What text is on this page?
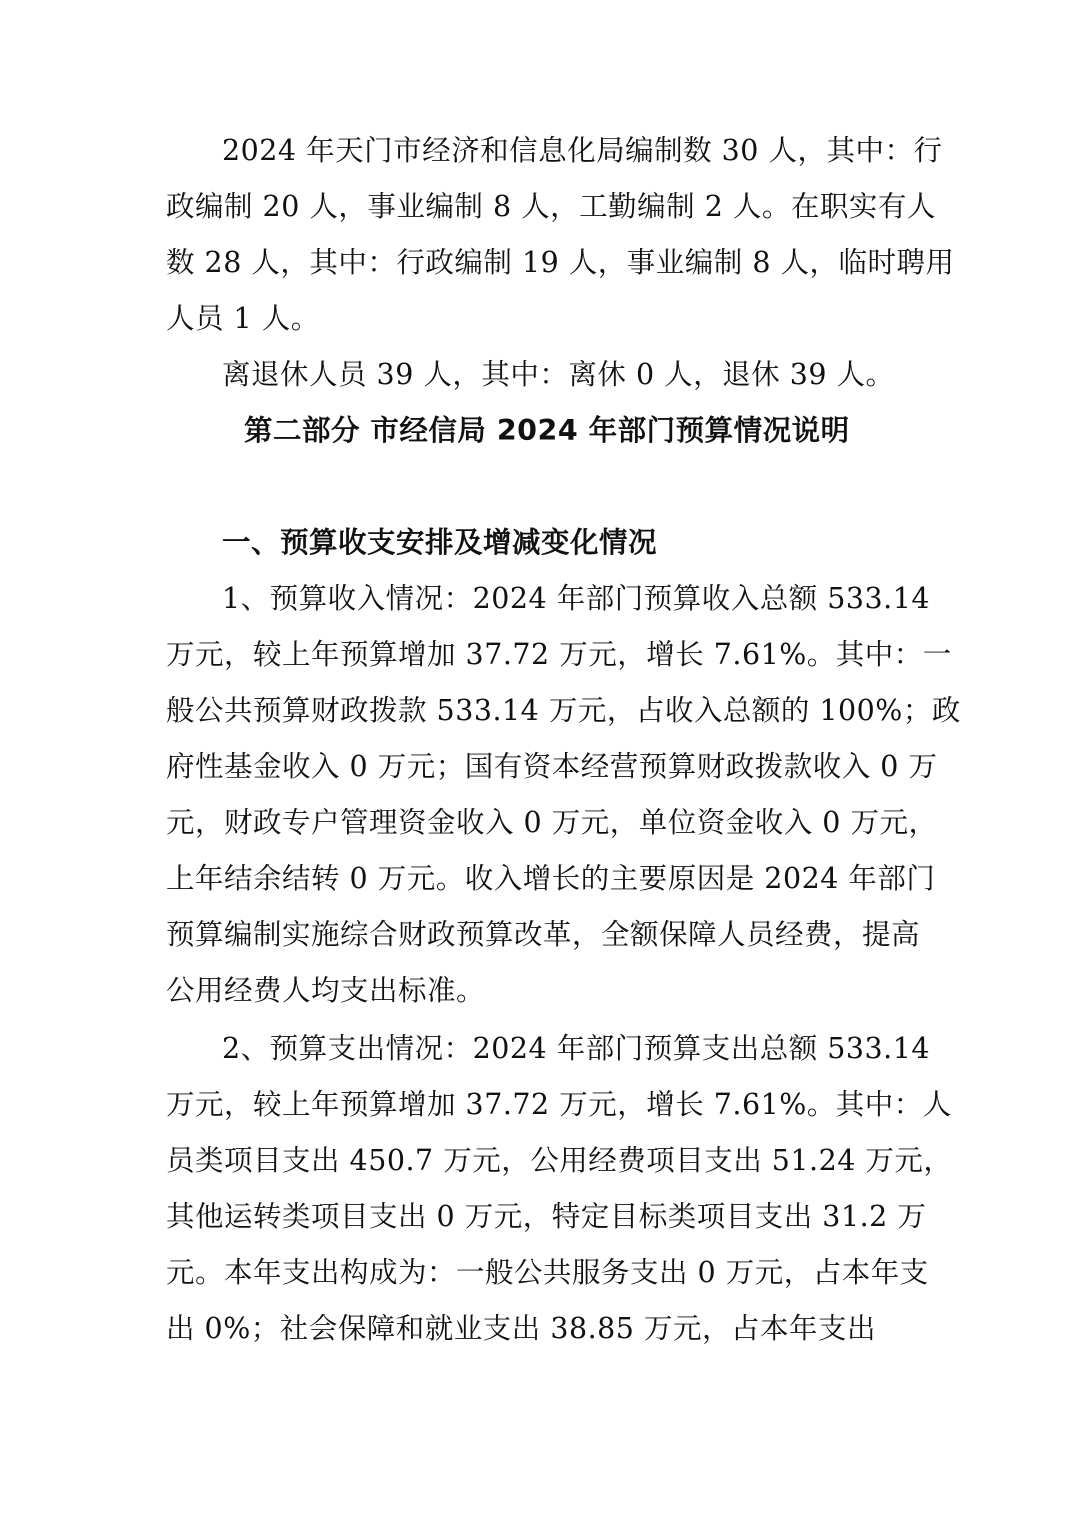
2024 年天门市经济和信息化局编制数 30 人，其中：行
政编制 20 人，事业编制 8 人，工勤编制 2 人。在职实有人
数 28 人，其中：行政编制 19 人，事业编制 8 人，临时聘用
人员 1 人。
离退休人员 39 人，其中：离休 0 人，退休 39 人。
第二部分 市经信局 2024 年部门预算情况说明
一、预算收支安排及增减变化情况
1、预算收入情况：2024 年部门预算收入总额 533.14
万元，较上年预算增加 37.72 万元，增长 7.61%。其中：一
般公共预算财政拨款 533.14 万元，占收入总额的 100%；政
府性基金收入 0 万元；国有资本经营预算财政拨款收入 0 万
元，财政专户管理资金收入 0 万元，单位资金收入 0 万元，
上年结余结转 0 万元。收入增长的主要原因是 2024 年部门
预算编制实施综合财政预算改革，全额保障人员经费，提高
公用经费人均支出标准。
2、预算支出情况：2024 年部门预算支出总额 533.14
万元，较上年预算增加 37.72 万元，增长 7.61%。其中：人
员类项目支出 450.7 万元，公用经费项目支出 51.24 万元，
其他运转类项目支出 0 万元，特定目标类项目支出 31.2 万
元。本年支出构成为：一般公共服务支出 0 万元，占本年支
出 0%；社会保障和就业支出 38.85 万元，占本年支出
